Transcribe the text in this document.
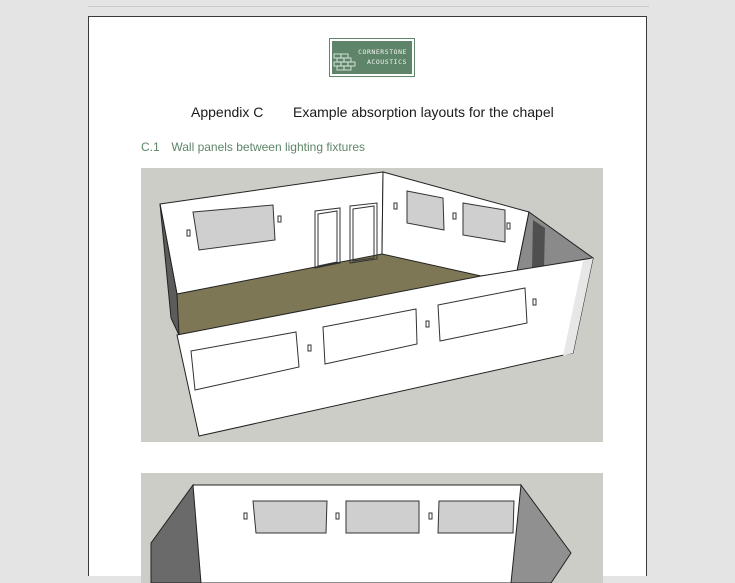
CORNERSTONE
ACOUSTICS
Appendix C Example absorption layouts for the chapel
C.1 Wall panels between lighting fixtures
